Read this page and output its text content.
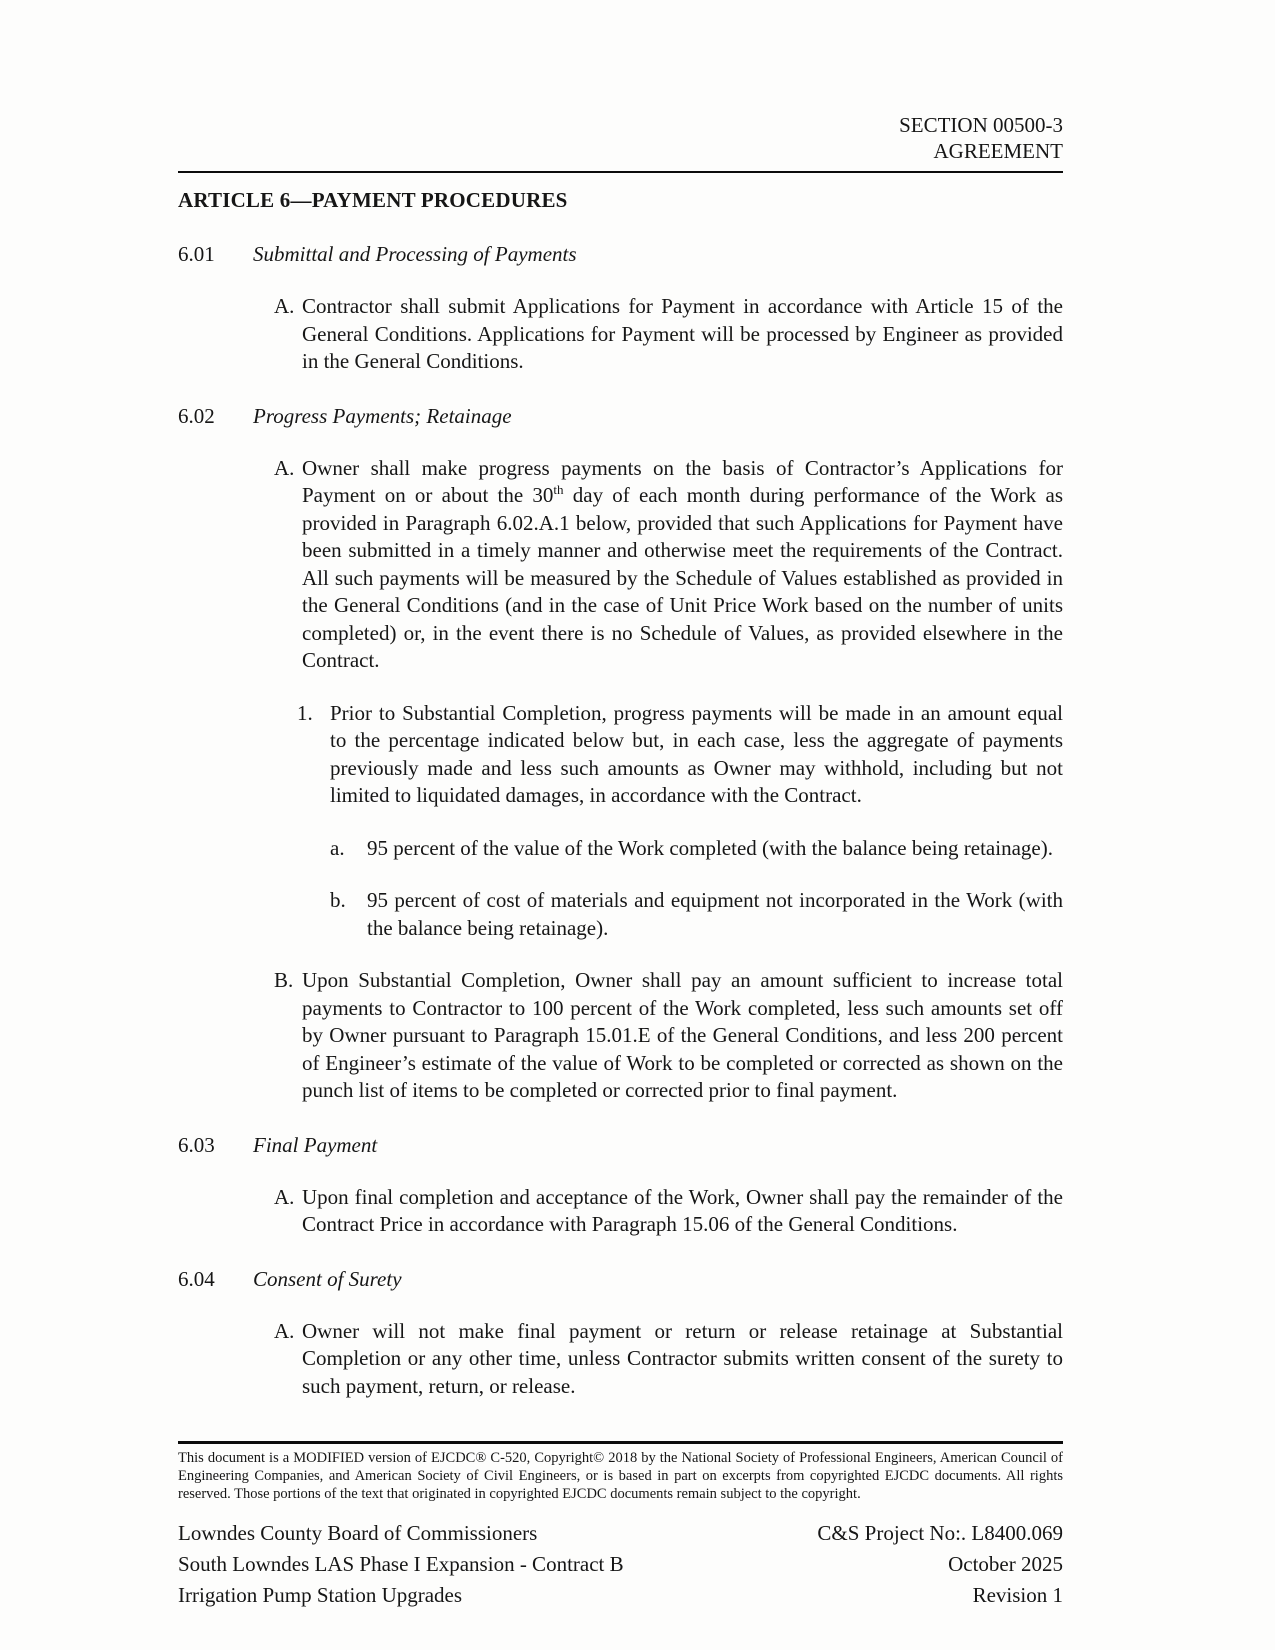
SECTION 00500-3
AGREEMENT
ARTICLE 6—PAYMENT PROCEDURES
6.01 Submittal and Processing of Payments
A. Contractor shall submit Applications for Payment in accordance with Article 15 of the General Conditions. Applications for Payment will be processed by Engineer as provided in the General Conditions.
6.02 Progress Payments; Retainage
A. Owner shall make progress payments on the basis of Contractor’s Applications for Payment on or about the 30th day of each month during performance of the Work as provided in Paragraph 6.02.A.1 below, provided that such Applications for Payment have been submitted in a timely manner and otherwise meet the requirements of the Contract. All such payments will be measured by the Schedule of Values established as provided in the General Conditions (and in the case of Unit Price Work based on the number of units completed) or, in the event there is no Schedule of Values, as provided elsewhere in the Contract.
1. Prior to Substantial Completion, progress payments will be made in an amount equal to the percentage indicated below but, in each case, less the aggregate of payments previously made and less such amounts as Owner may withhold, including but not limited to liquidated damages, in accordance with the Contract.
a. 95 percent of the value of the Work completed (with the balance being retainage).
b. 95 percent of cost of materials and equipment not incorporated in the Work (with the balance being retainage).
B. Upon Substantial Completion, Owner shall pay an amount sufficient to increase total payments to Contractor to 100 percent of the Work completed, less such amounts set off by Owner pursuant to Paragraph 15.01.E of the General Conditions, and less 200 percent of Engineer’s estimate of the value of Work to be completed or corrected as shown on the punch list of items to be completed or corrected prior to final payment.
6.03 Final Payment
A. Upon final completion and acceptance of the Work, Owner shall pay the remainder of the Contract Price in accordance with Paragraph 15.06 of the General Conditions.
6.04 Consent of Surety
A. Owner will not make final payment or return or release retainage at Substantial Completion or any other time, unless Contractor submits written consent of the surety to such payment, return, or release.
This document is a MODIFIED version of EJCDC® C-520, Copyright© 2018 by the National Society of Professional Engineers, American Council of Engineering Companies, and American Society of Civil Engineers, or is based in part on excerpts from copyrighted EJCDC documents. All rights reserved. Those portions of the text that originated in copyrighted EJCDC documents remain subject to the copyright.
Lowndes County Board of Commissioners
South Lowndes LAS Phase I Expansion - Contract B
Irrigation Pump Station Upgrades
C&S Project No:. L8400.069
October 2025
Revision 1
